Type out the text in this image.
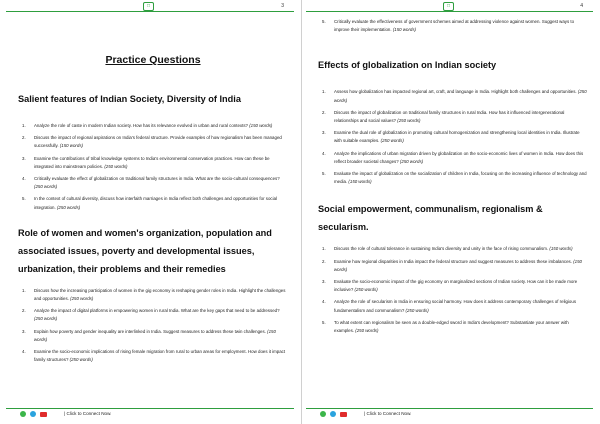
□	3
Practice Questions
Salient features of Indian Society, Diversity of India
1. Analyze the role of caste in modern Indian society. How has its relevance evolved in urban and rural contexts? (150 words)
2. Discuss the impact of regional aspirations on India's federal structure. Provide examples of how regionalism has been managed successfully. (150 words)
3. Examine the contributions of tribal knowledge systems to India's environmental conservation practices. How can these be integrated into mainstream policies. (250 words)
4. Critically evaluate the effect of globalization on traditional family structures in India. What are the socio-cultural consequences? (250 words)
5. In the context of cultural diversity, discuss how interfaith marriages in India reflect both challenges and opportunities for social integration. (250 words)
Role of women and women's organization, population and associated issues, poverty and developmental issues, urbanization, their problems and their remedies
1. Discuss how the increasing participation of women in the gig economy is reshaping gender roles in India. Highlight the challenges and opportunities. (250 words)
2. Analyze the impact of digital platforms in empowering women in rural India. What are the key gaps that need to be addressed? (250 words)
3. Explain how poverty and gender inequality are interlinked in India. Suggest measures to address these twin challenges. (150 words)
4. Examine the socio-economic implications of rising female migration from rural to urban areas for employment. How does it impact family structures? (250 words)
| Click to Connect Now.
□	4
5. Critically evaluate the effectiveness of government schemes aimed at addressing violence against women. Suggest ways to improve their implementation. (150 words)
Effects of globalization on Indian society
1. Assess how globalization has impacted regional art, craft, and language in India. Highlight both challenges and opportunities. (250 words)
2. Discuss the impact of globalization on traditional family structures in rural India. How has it influenced intergenerational relationships and social values? (250 words)
3. Examine the dual role of globalization in promoting cultural homogenization and strengthening local identities in India. Illustrate with suitable examples. (250 words)
4. Analyze the implications of urban migration driven by globalization on the socio-economic lives of women in India. How does this reflect broader societal changes? (250 words)
5. Evaluate the impact of globalization on the socialization of children in India, focusing on the increasing influence of technology and media. (150 words)
Social empowerment, communalism, regionalism & secularism.
1. Discuss the role of cultural tolerance in sustaining India's diversity and unity in the face of rising communalism. (150 words)
2. Examine how regional disparities in India impact the federal structure and suggest measures to address these imbalances. (150 words)
3. Evaluate the socio-economic impact of the gig economy on marginalized sections of Indian society. How can it be made more inclusive? (250 words)
4. Analyze the role of secularism in India in ensuring social harmony. How does it address contemporary challenges of religious fundamentalism and communalism? (250 words)
5. To what extent can regionalism be seen as a double-edged sword in India's development? Substantiate your answer with examples. (250 words)
| Click to Connect Now.
